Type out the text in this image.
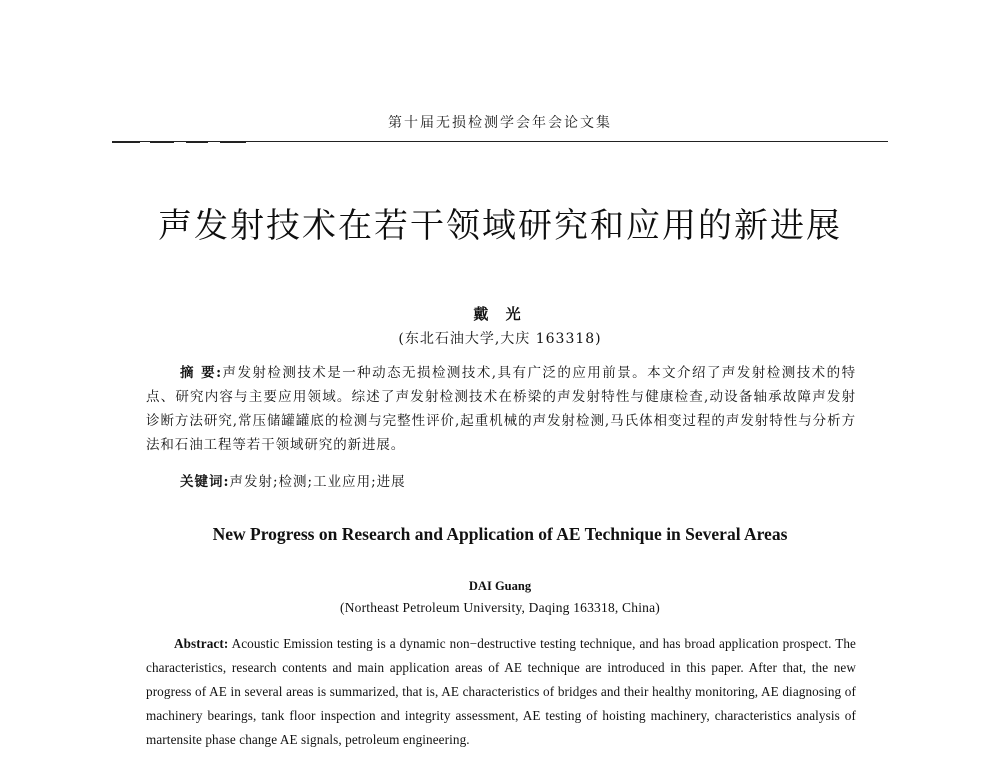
第十届无损检测学会年会论文集
声发射技术在若干领域研究和应用的新进展
戴 光
(东北石油大学,大庆 163318)
摘 要:声发射检测技术是一种动态无损检测技术,具有广泛的应用前景。本文介绍了声发射检测技术的特点、研究内容与主要应用领域。综述了声发射检测技术在桥梁的声发射特性与健康检查,动设备轴承故障声发射诊断方法研究,常压储罐罐底的检测与完整性评价,起重机械的声发射检测,马氏体相变过程的声发射特性与分析方法和石油工程等若干领域研究的新进展。
关键词:声发射;检测;工业应用;进展
New Progress on Research and Application of AE Technique in Several Areas
DAI Guang
(Northeast Petroleum University, Daqing 163318, China)
Abstract: Acoustic Emission testing is a dynamic non−destructive testing technique, and has broad application prospect. The characteristics, research contents and main application areas of AE technique are introduced in this paper. After that, the new progress of AE in several areas is summarized, that is, AE characteristics of bridges and their healthy monitoring, AE diagnosing of machinery bearings, tank floor inspection and integrity assessment, AE testing of hoisting machinery, characteristics analysis of martensite phase change AE signals, petroleum engineering.
